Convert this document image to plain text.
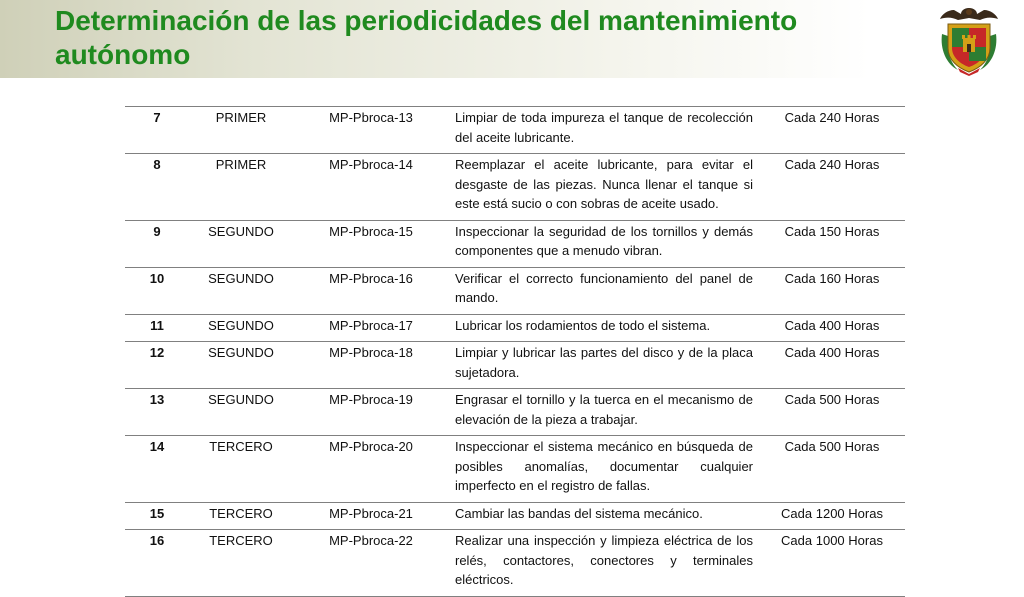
Determinación de las periodicidades del mantenimiento autónomo
7	PRIMER	MP-Pbroca-13	Limpiar de toda impureza el tanque de recolección del aceite lubricante.	Cada 240 Horas
8	PRIMER	MP-Pbroca-14	Reemplazar el aceite lubricante, para evitar el desgaste de las piezas. Nunca llenar el tanque si este está sucio o con sobras de aceite usado.	Cada 240 Horas
9	SEGUNDO	MP-Pbroca-15	Inspeccionar la seguridad de los tornillos y demás componentes que a menudo vibran.	Cada 150 Horas
10	SEGUNDO	MP-Pbroca-16	Verificar el correcto funcionamiento del panel de mando.	Cada 160 Horas
11	SEGUNDO	MP-Pbroca-17	Lubricar los rodamientos de todo el sistema.	Cada 400 Horas
12	SEGUNDO	MP-Pbroca-18	Limpiar y lubricar las partes del disco y de la placa sujetadora.	Cada 400 Horas
13	SEGUNDO	MP-Pbroca-19	Engrasar el tornillo y la tuerca en el mecanismo de elevación de la pieza a trabajar.	Cada 500 Horas
14	TERCERO	MP-Pbroca-20	Inspeccionar el sistema mecánico en búsqueda de posibles anomalías, documentar cualquier imperfecto en el registro de fallas.	Cada 500 Horas
15	TERCERO	MP-Pbroca-21	Cambiar las bandas del sistema mecánico.	Cada 1200 Horas
16	TERCERO	MP-Pbroca-22	Realizar una inspección y limpieza eléctrica de los relés, contactores, conectores y terminales eléctricos.	Cada 1000 Horas
